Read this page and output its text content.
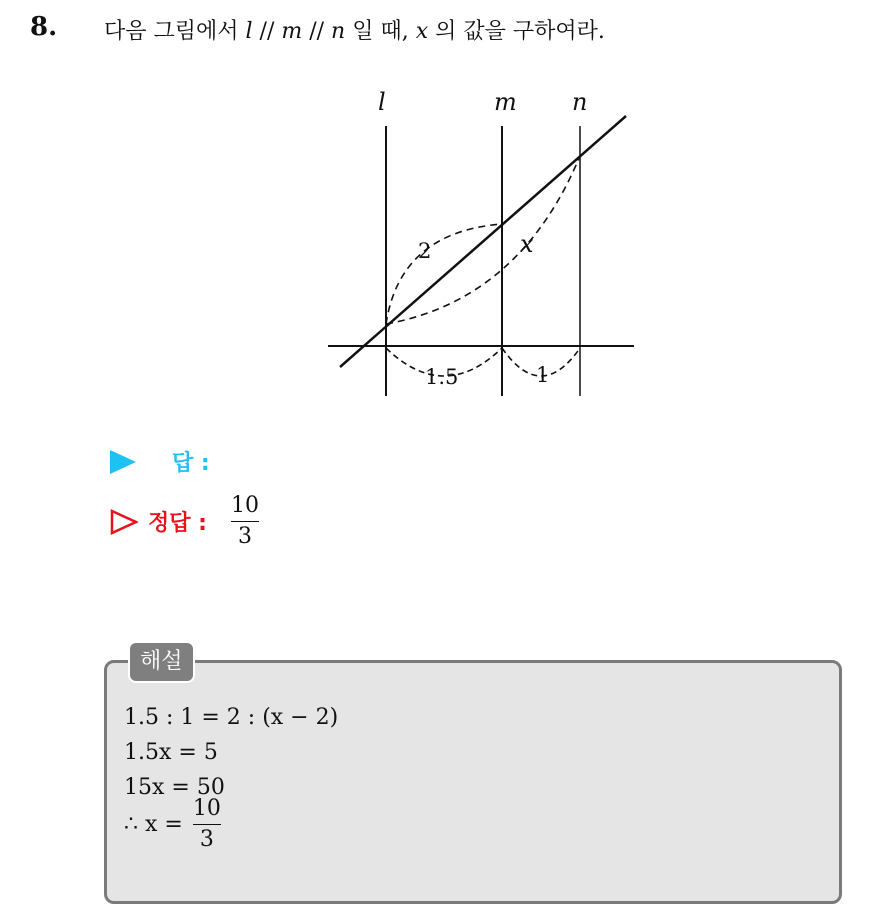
8. 다음 그림에서 l // m // n 일 때, x 의 값을 구하여라.
l	m n
2	x
1.5	1
답 :
정답 : $\frac{10}{3}$
해설
1.5 : 1 = 2 : (x − 2)
1.5x = 5
15x = 50
∴ $x = \frac{10}{3}$
